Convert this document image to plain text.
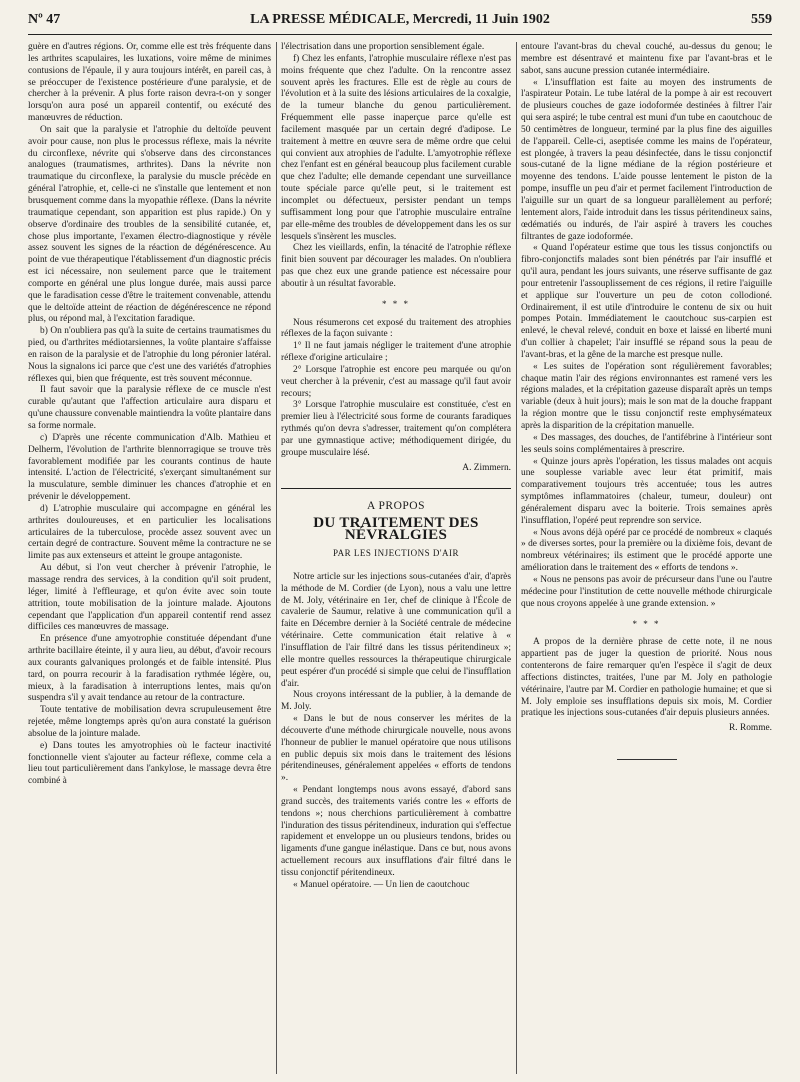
Nº 47	LA PRESSE MÉDICALE, Mercredi, 11 Juin 1902	559

guère en d'autres régions. Or, comme elle est très fréquente dans les arthrites scapulaires, les luxations, voire même de minimes contusions de l'épaule, il y aura toujours intérêt, en pareil cas, à se préoccuper de l'existence postérieure d'une paralysie, et de chercher à la prévenir. A plus forte raison devra-t-on y songer lorsqu'on aura posé un appareil contentif, ou exécuté des manœuvres de réduction.

On sait que la paralysie et l'atrophie du deltoïde peuvent avoir pour cause, non plus le processus réflexe, mais la névrite du circonflexe, névrite qui s'observe dans des circonstances analogues (traumatismes, arthrites). Dans la névrite non traumatique du circonflexe, la paralysie du muscle précède en général l'atrophie, et, celle-ci ne s'installe que lentement et non brusquement comme dans la myopathie réflexe. (Dans la névrite traumatique cependant, son apparition est plus rapide.) On y observe d'ordinaire des troubles de la sensibilité cutanée, et, chose plus importante, l'examen électro-diagnostique y révèle assez souvent les signes de la réaction de dégénérescence. Au point de vue thérapeutique l'établissement d'un diagnostic précis est ici nécessaire, non seulement parce que le traitement comporte en général une plus longue durée, mais aussi parce que le faradisation cesse d'être le traitement convenable, attendu que le deltoïde atteint de réaction de dégénérescence ne répond plus, ou répond mal, à l'excitation faradique.

b) On n'oubliera pas qu'à la suite de certains traumatismes du pied, ou d'arthrites médiotarsiennes, la voûte plantaire s'affaisse en raison de la paralysie et de l'atrophie du long péronier latéral. Nous la signalons ici parce que c'est une des variétés d'atrophies réflexes qui, bien que fréquente, est très souvent méconnue.

Il faut savoir que la paralysie réflexe de ce muscle n'est curable qu'autant que l'affection articulaire aura disparu et qu'une chaussure convenable maintiendra la voûte plantaire dans sa forme normale.

c) D'après une récente communication d'Alb. Mathieu et Delherm, l'évolution de l'arthrite blennorragique se trouve très favorablement modifiée par les courants continus de haute intensité. L'action de l'électricité, s'exerçant simultanément sur la musculature, semble diminuer les chances d'atrophie et en prévenir le développement.

d) L'atrophie musculaire qui accompagne en général les arthrites douloureuses, et en particulier les localisations articulaires de la tuberculose, procède assez souvent avec un certain degré de contracture. Souvent même la contracture ne se limite pas aux extenseurs et atteint le groupe antagoniste.

Au début, si l'on veut chercher à prévenir l'atrophie, le massage rendra des services, à la condition qu'il soit prudent, léger, limité à l'effleurage, et qu'on évite avec soin toute attrition, toute mobilisation de la jointure malade. Ajoutons cependant que l'application d'un appareil contentif rend assez difficiles ces manœuvres de massage.

En présence d'une amyotrophie constituée dépendant d'une arthrite bacillaire éteinte, il y aura lieu, au début, d'avoir recours aux courants galvaniques prolongés et de faible intensité. Plus tard, on pourra recourir à la faradisation rythmée légère, ou, mieux, à la faradisation à interruptions lentes, mais qu'on suspendra s'il y avait tendance au retour de la contracture.

Toute tentative de mobilisation devra scrupuleusement être rejetée, même longtemps après qu'on aura constaté la guérison absolue de la jointure malade.

e) Dans toutes les amyotrophies où le facteur inactivité fonctionnelle vient s'ajouter au facteur réflexe, comme cela a lieu tout particulièrement dans l'ankylose, le massage devra être combiné à

l'électrisation dans une proportion sensiblement égale.

f) Chez les enfants, l'atrophie musculaire réflexe n'est pas moins fréquente que chez l'adulte. On la rencontre assez souvent après les fractures. Elle est de règle au cours de l'évolution et à la suite des lésions articulaires de la coxalgie, de la tumeur blanche du genou particulièrement. Fréquemment elle passe inaperçue parce qu'elle est facilement masquée par un certain degré d'adipose. Le traitement à mettre en œuvre sera de même ordre que celui qui convient aux atrophies de l'adulte. L'amyotrophie réflexe chez l'enfant est en général beaucoup plus facilement curable que chez l'adulte; elle demande cependant une surveillance toute spéciale parce qu'elle peut, si le traitement est incomplet ou défectueux, persister pendant un temps suffisamment long pour que l'atrophie musculaire entraîne par elle-même des troubles de développement dans les os sur lesquels s'insèrent les muscles.

Chez les vieillards, enfin, la ténacité de l'atrophie réflexe finit bien souvent par décourager les malades. On n'oubliera pas que chez eux une grande patience est nécessaire pour aboutir à un résultat favorable.

* * *

Nous résumerons cet exposé du traitement des atrophies réflexes de la façon suivante :

1° Il ne faut jamais négliger le traitement d'une atrophie réflexe d'origine articulaire ;

2° Lorsque l'atrophie est encore peu marquée ou qu'on veut chercher à la prévenir, c'est au massage qu'il faut avoir recours;

3° Lorsque l'atrophie musculaire est constituée, c'est en premier lieu à l'électricité sous forme de courants faradiques rythmés qu'on devra s'adresser, traitement qu'on complétera par une gymnastique active; méthodiquement dirigée, du groupe musculaire lésé.

A. Zimmern.

A PROPOS
DU TRAITEMENT DES NÉVRALGIES
PAR LES INJECTIONS D'AIR

Notre article sur les injections sous-cutanées d'air, d'après la méthode de M. Cordier (de Lyon), nous a valu une lettre de M. Joly, vétérinaire en 1er, chef de clinique à l'École de cavalerie de Saumur, relative à une communication qu'il a faite en Décembre dernier à la Société centrale de médecine vétérinaire. Cette communication était relative à « l'insufflation de l'air filtré dans les tissus péritendineux »; elle montre quelles ressources la thérapeutique chirurgicale peut espérer d'un procédé si simple que celui de l'insufflation d'air.

Nous croyons intéressant de la publier, à la demande de M. Joly.

« Dans le but de nous conserver les mérites de la découverte d'une méthode chirurgicale nouvelle, nous avons l'honneur de publier le manuel opératoire que nous utilisons en public depuis six mois dans le traitement des lésions péritendineuses, généralement appelées « efforts de tendons ».

« Pendant longtemps nous avons essayé, d'abord sans grand succès, des traitements variés contre les « efforts de tendons »; nous cherchions particulièrement à combattre l'induration des tissus péritendineux, induration qui s'effectue rapidement et enveloppe un ou plusieurs tendons, brides ou ligaments d'une gangue inélastique. Dans ce but, nous avons actuellement recours aux insufflations d'air filtré dans le tissu conjonctif péritendineux.

« Manuel opératoire. — Un lien de caoutchouc

entoure l'avant-bras du cheval couché, au-dessus du genou; le membre est désentravé et maintenu fixe par l'avant-bras et le sabot, sans aucune pression cutanée intermédiaire.

« L'insufflation est faite au moyen des instruments de l'aspirateur Potain. Le tube latéral de la pompe à air est recouvert de plusieurs couches de gaze iodoformée destinées à filtrer l'air qui sera aspiré; le tube central est muni d'un tube en caoutchouc de 50 centimètres de longueur, terminé par la plus fine des aiguilles de l'appareil. Celle-ci, aseptisée comme les mains de l'opérateur, est plongée, à travers la peau désinfectée, dans le tissu conjonctif sous-cutané de la ligne médiane de la région postérieure et moyenne des tendons. L'aide pousse lentement le piston de la pompe, insuffle un peu d'air et permet facilement l'introduction de l'aiguille sur un quart de sa longueur parallèlement au perforé; lentement alors, l'aide introduit dans les tissus péritendineux sains, œdématiés ou indurés, de l'air aspiré à travers les couches filtrantes de gaze iodoformée.

« Quand l'opérateur estime que tous les tissus conjonctifs ou fibro-conjonctifs malades sont bien pénétrés par l'air insufflé et qu'il aura, pendant les jours suivants, une réserve suffisante de gaz pour entretenir l'assouplissement de ces régions, il retire l'aiguille et applique sur l'ouverture un peu de coton collodioné. Ordinairement, il est utile d'introduire le contenu de six ou huit pompes Potain. Immédiatement le caoutchouc sus-carpien est enlevé, le cheval relevé, conduit en boxe et laissé en liberté muni d'un collier à chapelet; l'air insufflé se répand sous la peau de l'avant-bras, et la gêne de la marche est presque nulle.

« Les suites de l'opération sont régulièrement favorables; chaque matin l'air des régions environnantes est ramené vers les régions malades, et la crépitation gazeuse disparaît après un temps variable (deux à huit jours); mais le son mat de la douche frappant la région montre que le tissu conjonctif reste emphysémateux après la disparition de la crépitation manuelle.

« Des massages, des douches, de l'antifébrine à l'intérieur sont les seuls soins complémentaires à prescrire.

« Quinze jours après l'opération, les tissus malades ont acquis une souplesse variable avec leur état primitif, mais comparativement toujours très accentuée; tous les autres symptômes inflammatoires (chaleur, tumeur, douleur) ont généralement disparu avec la boiterie. Trois semaines après l'insufflation, l'opéré peut reprendre son service.

« Nous avons déjà opéré par ce procédé de nombreux « claqués » de diverses sortes, pour la première ou la dixième fois, devant de nombreux vétérinaires; ils estiment que le procédé apporte une amélioration dans le traitement des « efforts de tendons ».

« Nous ne pensons pas avoir de précurseur dans l'une ou l'autre médecine pour l'institution de cette nouvelle méthode chirurgicale que nous croyons appelée à une grande extension. »

* * *

A propos de la dernière phrase de cette note, il ne nous appartient pas de juger la question de priorité. Nous nous contenterons de faire remarquer qu'en l'espèce il s'agit de deux affections distinctes, traitées, l'une par M. Joly en pathologie vétérinaire, l'autre par M. Cordier en pathologie humaine; et que si M. Joly emploie ses insufflations depuis six mois, M. Cordier pratique les injections sous-cutanées d'air depuis plusieurs années.

R. Romme.
